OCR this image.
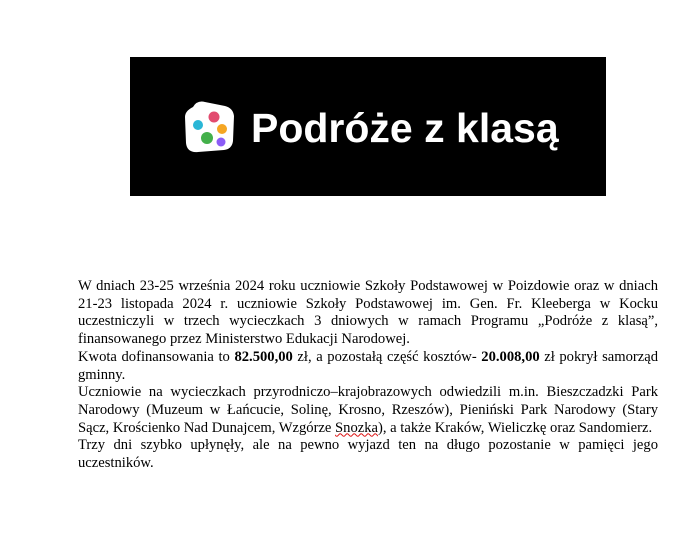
Podróże z klasą

W dniach 23-25 września 2024 roku uczniowie Szkoły Podstawowej w Poizdowie oraz w dniach 21-23 listopada 2024 r. uczniowie Szkoły Podstawowej im. Gen. Fr. Kleeberga w Kocku uczestniczyli w trzech wycieczkach 3 dniowych w ramach Programu „Podróże z klasą”, finansowanego przez Ministerstwo Edukacji Narodowej.

Kwota dofinansowania to 82.500,00 zł, a pozostałą część kosztów- 20.008,00 zł pokrył samorząd gminny.

Uczniowie na wycieczkach przyrodniczo–krajobrazowych odwiedzili m.in. Bieszczadzki Park Narodowy (Muzeum w Łańcucie, Solinę, Krosno, Rzeszów), Pieniński Park Narodowy (Stary Sącz, Krościenko Nad Dunajcem, Wzgórze Snozka), a także Kraków, Wieliczkę oraz Sandomierz.

Trzy dni szybko upłynęły, ale na pewno wyjazd ten na długo pozostanie w pamięci jego uczestników.
